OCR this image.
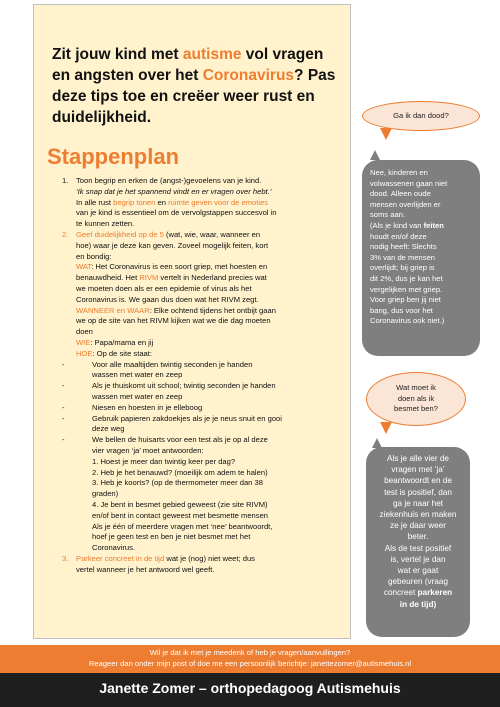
Zit jouw kind met autisme vol vragen en angsten over het Coronavirus? Pas deze tips toe en creëer weer rust en duidelijkheid.
Stappenplan
1. Toon begrip en erken de (angst-)gevoelens van je kind.
‘Ik snap dat je het spannend vindt en er vragen over hebt.’
In alle rust begrip tonen en ruimte geven voor de emoties
van je kind is essentieel om de vervolgstappen succesvol in
te kunnen zetten.
2. Geef duidelijkheid op de 5 (wat, wie, waar, wanneer en
hoe) waar je deze kan geven. Zoveel mogelijk feiten, kort
en bondig:
WAT: Het Coronavirus is een soort griep, met hoesten en
benauwdheid. Het RIVM vertelt in Nederland precies wat
we moeten doen als er een epidemie of virus als het
Coronavirus is. We gaan dus doen wat het RIVM zegt.
WANNEER en WAAR: Elke ochtend tijdens het ontbijt gaan
we op de site van het RIVM kijken wat we die dag moeten
doen
WIE: Papa/mama en jij
HOE: Op de site staat:
-	Voor alle maaltijden twintig seconden je handen
wassen met water en zeep
-	Als je thuiskomt uit school; twintig seconden je handen
wassen met water en zeep
-	Niesen en hoesten in je elleboog
-	Gebruik papieren zakdoekjes als je je neus snuit en gooi
deze weg
-	We bellen de huisarts voor een test als je op al deze
vier vragen ‘ja’ moet antwoorden:
1. Hoest je meer dan twintig keer per dag?
2. Heb je het benauwd? (moeilijk om adem te halen)
3. Heb je koorts? (op de thermometer meer dan 38
graden)
4. Je bent in besmet gebied geweest (zie site RIVM)
en/of bent in contact geweest met besmette mensen
Als je één of meerdere vragen met ‘nee’ beantwoordt,
hoef je geen test en ben je niet besmet met het
Coronavirus.
3. Parkeer concreet in de tijd wat je (nog) niet weet; dus
vertel wanneer je het antwoord wel geeft.
Ga ik dan dood?
Nee, kinderen en
volwassenen gaan niet
dood. Alleen oude
mensen overlijden er
soms aan.
(Als je kind van feiten
houdt en/of deze
nodig heeft: Slechts
3% van de mensen
overlijdt; bij griep is
dit 2%, dus je kan het
vergelijken met griep.
Voor griep ben jij niet
bang, dus voor het
Coronavirus ook niet.)
Wat moet ik
doen als ik
besmet ben?
Als je alle vier de
vragen met ‘ja’
beantwoordt en de
test is positief, dan
ga je naar het
ziekenhuis en maken
ze je daar weer
beter.
Als de test positief
is, vertel je dan
wat er gaat
gebeuren (vraag
concreet parkeren
in de tijd)
Wil je dat ik met je meedenk of heb je vragen/aanvullingen?
Reageer dan onder mijn post of doe me een persoonlijk berichtje: janettezomer@autismehuis.nl
Janette Zomer – orthopedagoog Autismehuis
